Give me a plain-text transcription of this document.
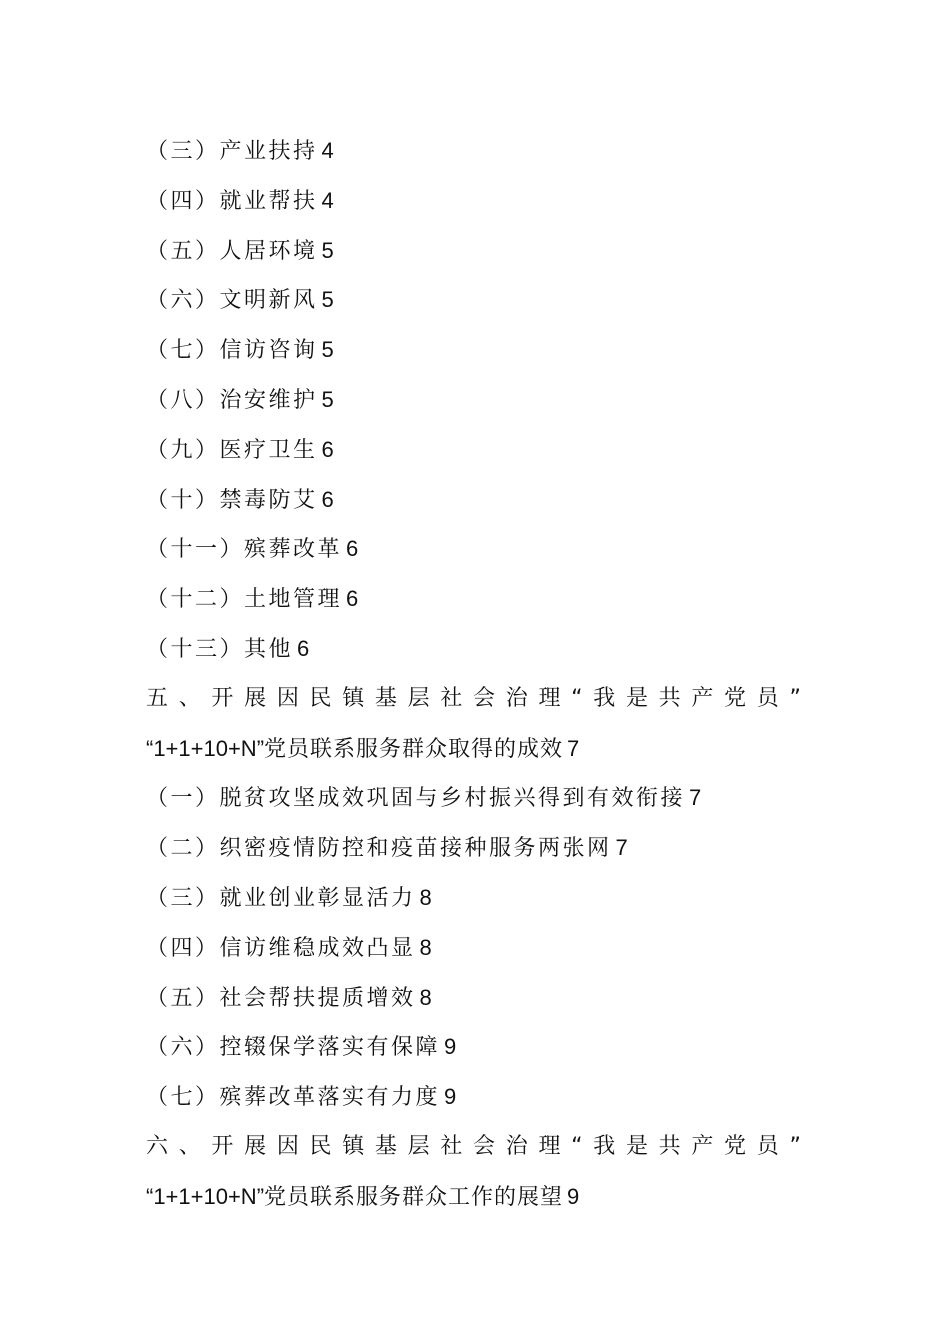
（三）产业扶持 4
（四）就业帮扶 4
（五）人居环境 5
（六）文明新风 5
（七）信访咨询 5
（八）治安维护 5
（九）医疗卫生 6
（十）禁毒防艾 6
（十一）殡葬改革 6
（十二）土地管理 6
（十三）其他 6
五 、 开 展 因 民 镇 基 层 社 会 治 理 “ 我 是 共 产 党 员 ”
“1+1+10+N”党员联系服务群众取得的成效 7
（一）脱贫攻坚成效巩固与乡村振兴得到有效衔接 7
（二）织密疫情防控和疫苗接种服务两张网 7
（三）就业创业彰显活力 8
（四）信访维稳成效凸显 8
（五）社会帮扶提质增效 8
（六）控辍保学落实有保障 9
（七）殡葬改革落实有力度 9
六 、 开 展 因 民 镇 基 层 社 会 治 理 “ 我 是 共 产 党 员 ”
“1+1+10+N”党员联系服务群众工作的展望 9
